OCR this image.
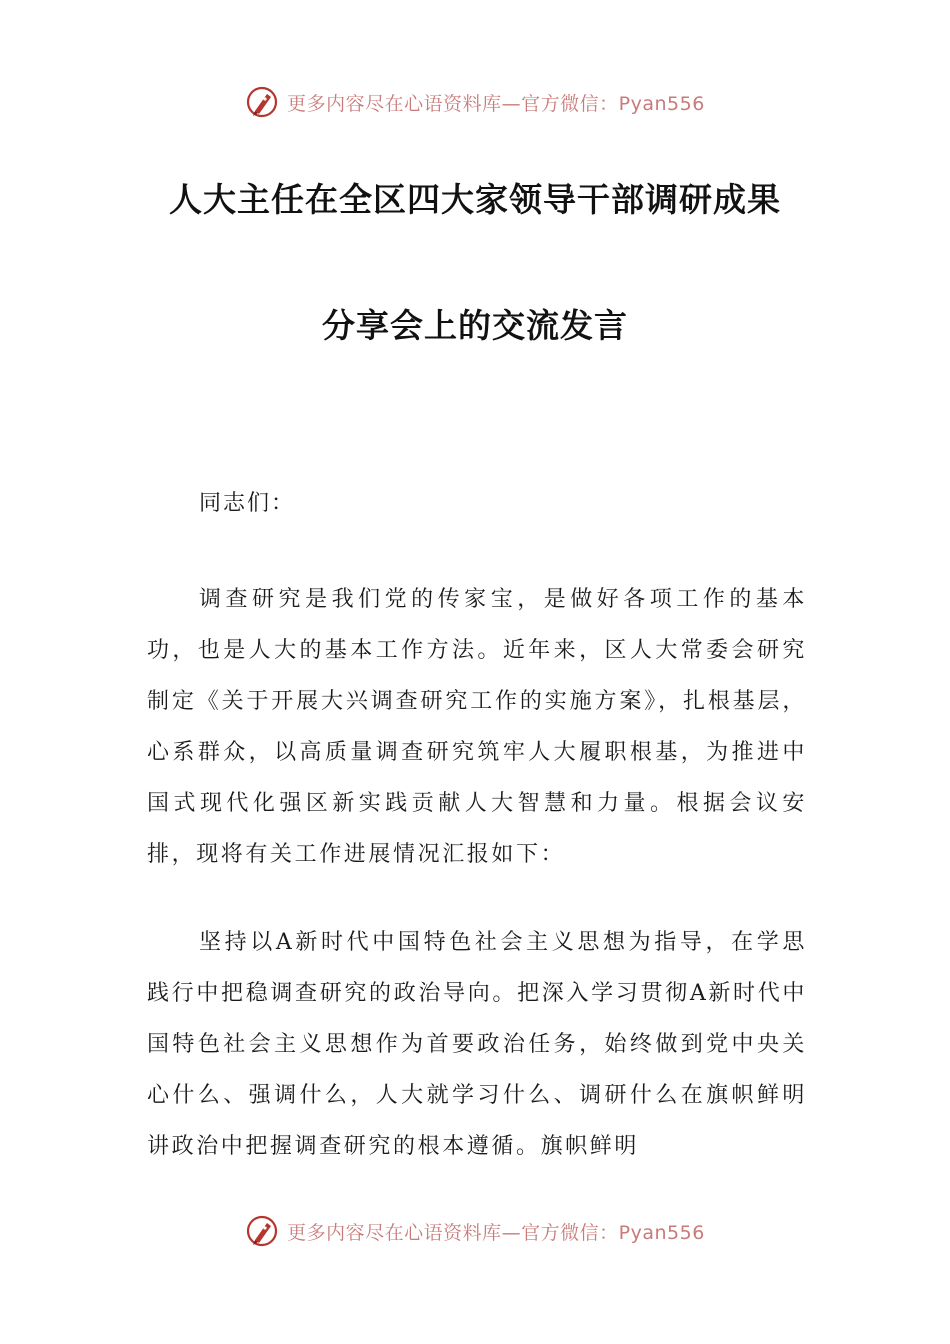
更多内容尽在心语资料库—官方微信：Pyan556
人大主任在全区四大家领导干部调研成果
分享会上的交流发言
同志们：

调查研究是我们党的传家宝，是做好各项工作的基本功，也是人大的基本工作方法。近年来，区人大常委会研究制定《关于开展大兴调查研究工作的实施方案》，扎根基层，心系群众，以高质量调查研究筑牢人大履职根基，为推进中国式现代化强区新实践贡献人大智慧和力量。根据会议安排，现将有关工作进展情况汇报如下：

坚持以A新时代中国特色社会主义思想为指导，在学思践行中把稳调查研究的政治导向。把深入学习贯彻A新时代中国特色社会主义思想作为首要政治任务，始终做到党中央关心什么、强调什么，人大就学习什么、调研什么在旗帜鲜明讲政治中把握调查研究的根本遵循。旗帜鲜明

更多内容尽在心语资料库—官方微信：Pyan556
